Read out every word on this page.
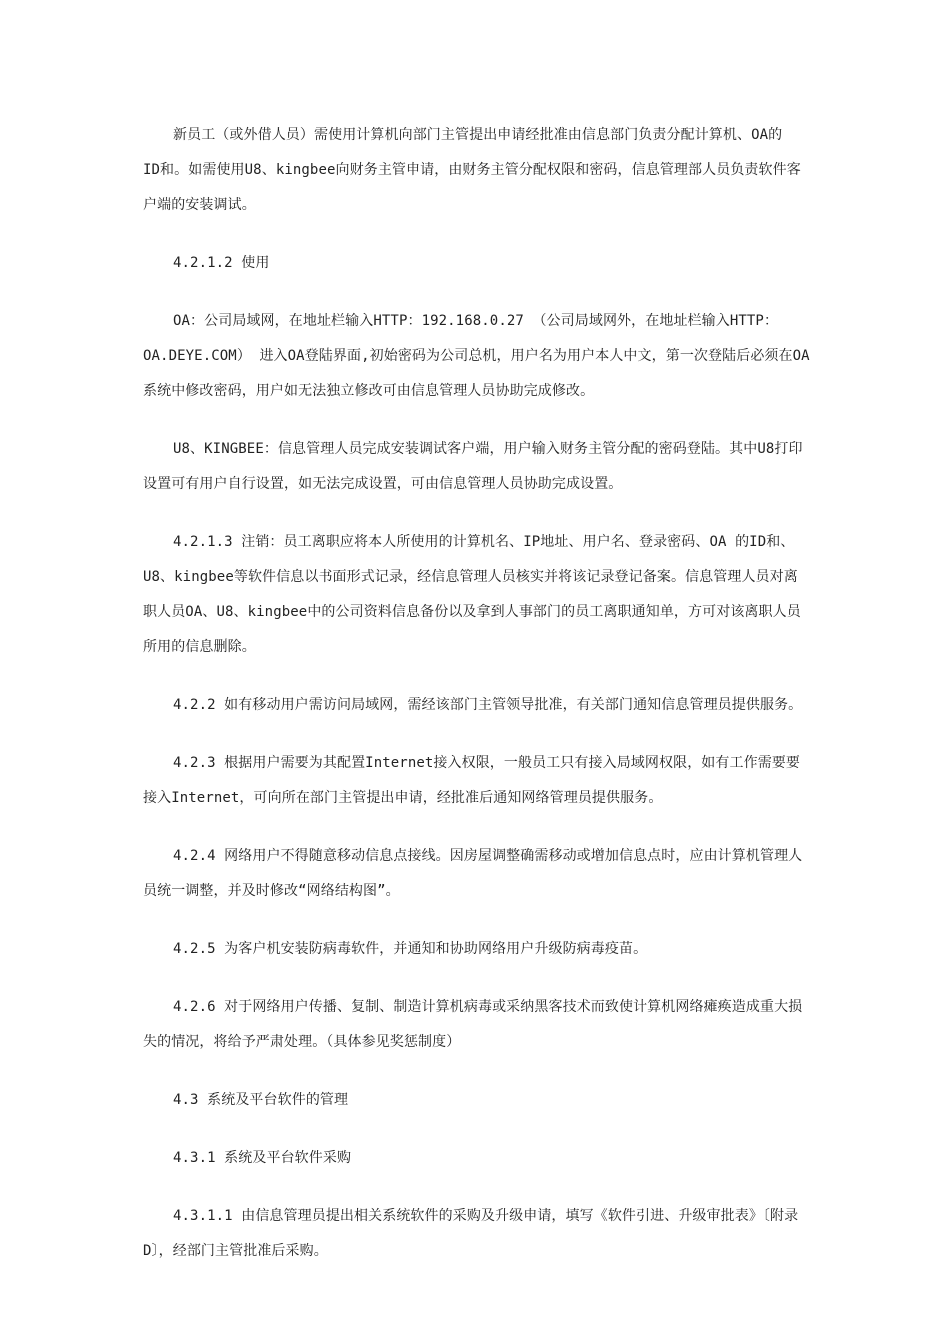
新员工（或外借人员）需使用计算机向部门主管提出申请经批准由信息部门负责分配计算机、OA的
ID和。如需使用U8、kingbee向财务主管申请，由财务主管分配权限和密码，信息管理部人员负责软件客
户端的安装调试。

4.2.1.2 使用

OA：公司局域网，在地址栏输入HTTP：192.168.0.27 （公司局域网外，在地址栏输入HTTP：
OA.DEYE.COM） 进入OA登陆界面,初始密码为公司总机，用户名为用户本人中文，第一次登陆后必须在OA
系统中修改密码，用户如无法独立修改可由信息管理人员协助完成修改。

U8、KINGBEE：信息管理人员完成安装调试客户端，用户输入财务主管分配的密码登陆。其中U8打印
设置可有用户自行设置，如无法完成设置，可由信息管理人员协助完成设置。

4.2.1.3 注销：员工离职应将本人所使用的计算机名、IP地址、用户名、登录密码、OA 的ID和、
U8、kingbee等软件信息以书面形式记录，经信息管理人员核实并将该记录登记备案。信息管理人员对离
职人员OA、U8、kingbee中的公司资料信息备份以及拿到人事部门的员工离职通知单，方可对该离职人员
所用的信息删除。

4.2.2 如有移动用户需访问局域网，需经该部门主管领导批准，有关部门通知信息管理员提供服务。

4.2.3 根据用户需要为其配置Internet接入权限，一般员工只有接入局域网权限，如有工作需要要
接入Internet，可向所在部门主管提出申请，经批准后通知网络管理员提供服务。

4.2.4 网络用户不得随意移动信息点接线。因房屋调整确需移动或增加信息点时，应由计算机管理人
员统一调整，并及时修改“网络结构图”。

4.2.5 为客户机安装防病毒软件，并通知和协助网络用户升级防病毒疫苗。

4.2.6 对于网络用户传播、复制、制造计算机病毒或采纳黑客技术而致使计算机网络瘫痪造成重大损
失的情况，将给予严肃处理。（具体参见奖惩制度）

4.3 系统及平台软件的管理

4.3.1 系统及平台软件采购

4.3.1.1 由信息管理员提出相关系统软件的采购及升级申请，填写《软件引进、升级审批表》〔附录
D〕，经部门主管批准后采购。
